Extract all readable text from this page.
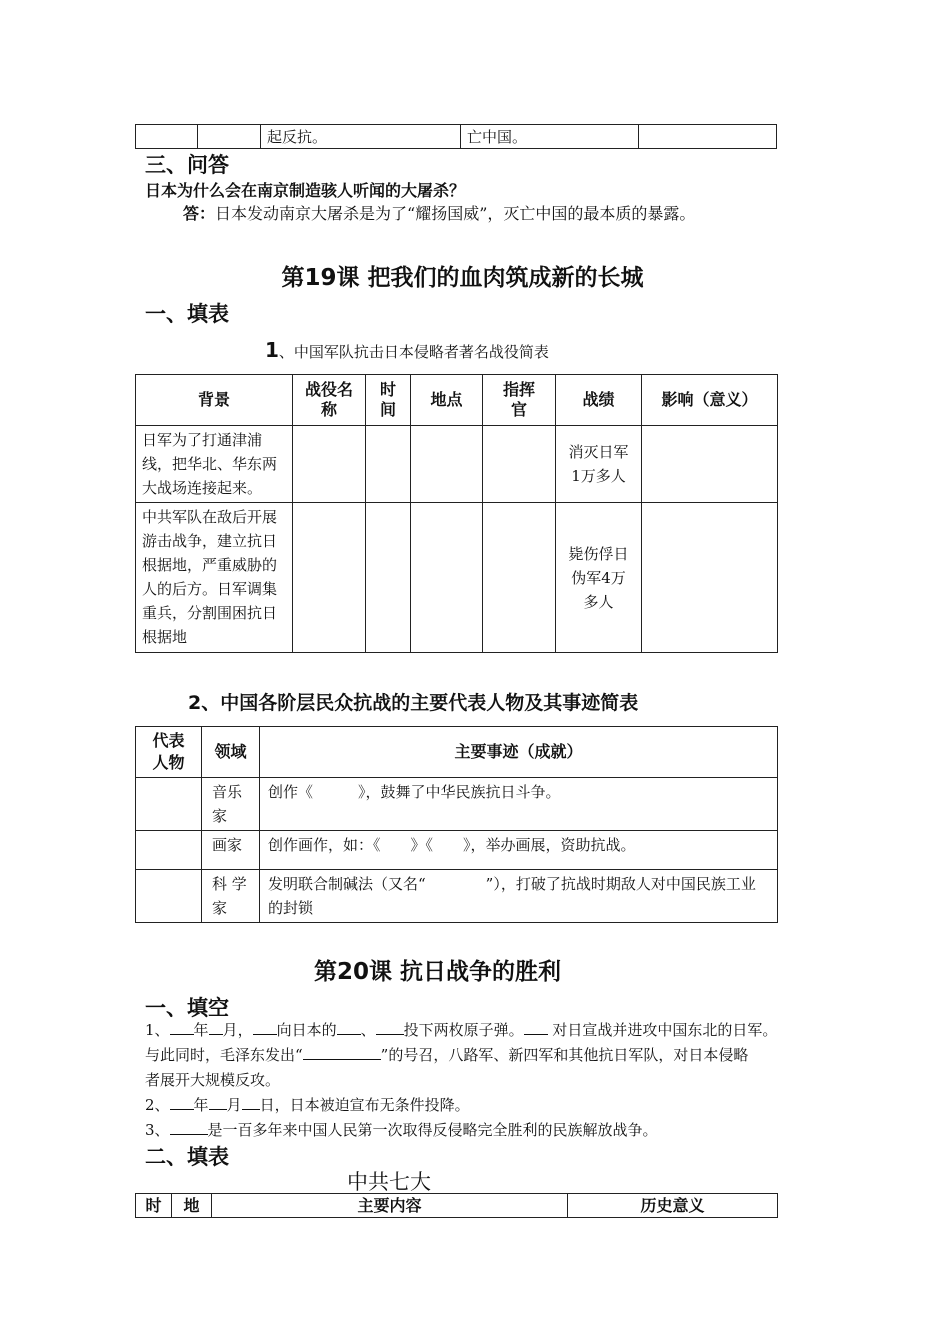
		起反抗。	亡中国。	
三、问答
日本为什么会在南京制造骇人听闻的大屠杀？
答：日本发动南京大屠杀是为了“耀扬国威”，灭亡中国的最本质的暴露。
第19课 把我们的血肉筑成新的长城
一、填表
1、中国军队抗击日本侵略者著名战役简表
背景	战役名称	时间	地点	指挥官	战绩	影响（意义）
日军为了打通津浦线，把华北、华东两大战场连接起来。					消灭日军1万多人	
中共军队在敌后开展游击战争，建立抗日根据地，严重威胁的人的后方。日军调集重兵，分割围困抗日根据地					毙伤俘日伪军4万多人	
2、中国各阶层民众抗战的主要代表人物及其事迹简表
代表人物	领域	主要事迹（成就）
	音乐家	创作《　　　》，鼓舞了中华民族抗日斗争。
	画家	创作画作，如：《　　》《　　》，举办画展，资助抗战。
	科 学 家	发明联合制碱法（又名“　　　　”），打破了抗战时期敌人对中国民族工业的封锁
第20课 抗日战争的胜利
一、填空
1、 年 月， 向日本的 、 投下两枚原子弹。 对日宣战并进攻中国东北的日军。
与此同时，毛泽东发出“	”的号召，八路军、新四军和其他抗日军队，对日本侵略
者展开大规模反攻。
2、 年 月 日，日本被迫宣布无条件投降。
3、	是一百多年来中国人民第一次取得反侵略完全胜利的民族解放战争。
二、填表
中共七大
时	地	主要内容	历史意义
